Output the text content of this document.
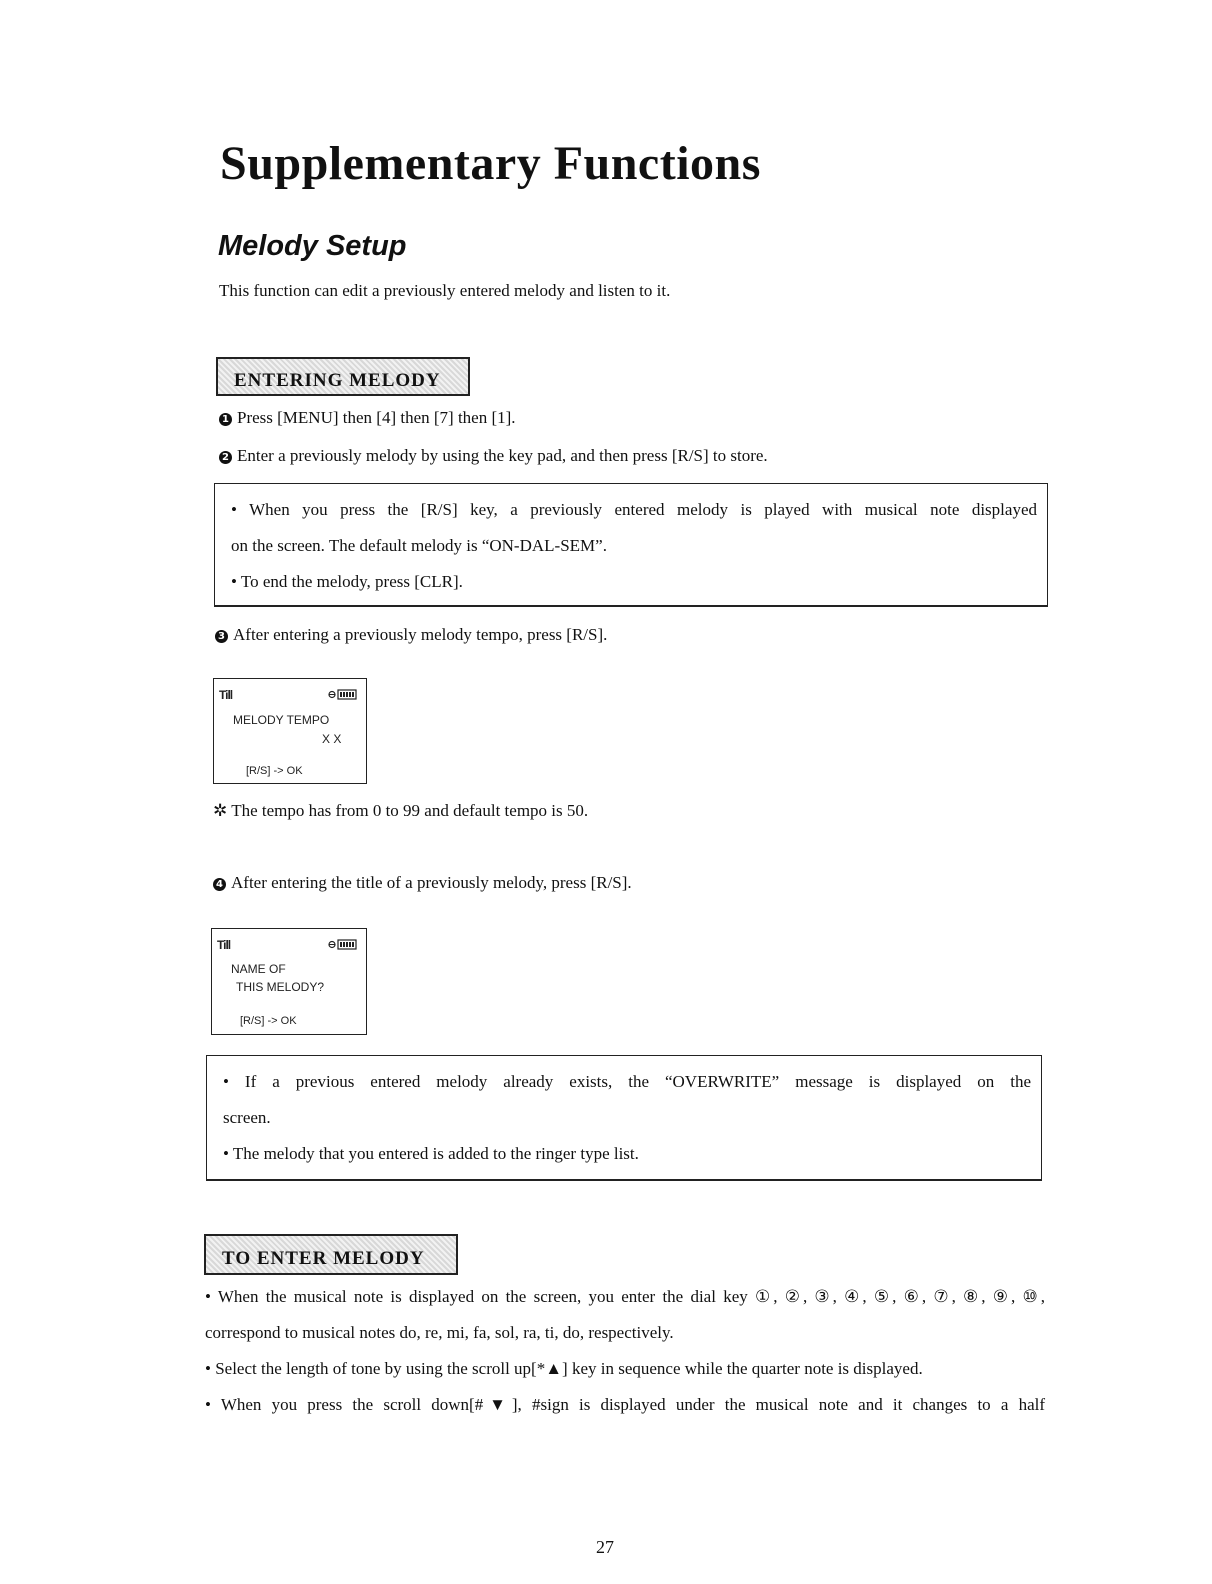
Supplementary Functions
Melody Setup
This function can edit a previously entered melody and listen to it.
ENTERING MELODY
1 Press [MENU] then [4] then [7] then [1].
2 Enter a previously melody by using the key pad, and then press [R/S] to store.

• When you press the [R/S] key, a previously entered melody is played with musical note displayed

on the screen. The default melody is “ON-DAL-SEM”.

• To end the melody, press [CLR].

3 After entering a previously melody tempo, press [R/S].
Till
MELODY TEMPO
X X
[R/S] -> OK
✲ The tempo has from 0 to 99 and default tempo is 50.
4 After entering the title of a previously melody, press [R/S].
Till
NAME OF
THIS MELODY?
[R/S] -> OK

• If a previous entered melody already exists, the “OVERWRITE” message is displayed on the

screen.

• The melody that you entered is added to the ringer type list.

TO ENTER MELODY

• When the musical note is displayed on the screen, you enter the dial key ①, ②, ③, ④, ⑤, ⑥, ⑦, ⑧, ⑨, ⑩,

correspond to musical notes do, re, mi, fa, sol, ra, ti, do, respectively.

• Select the length of tone by using the scroll up[*▲] key in sequence while the quarter note is displayed.

• When you press the scroll down[#▼], #sign is displayed under the musical note and it changes to a half

27
